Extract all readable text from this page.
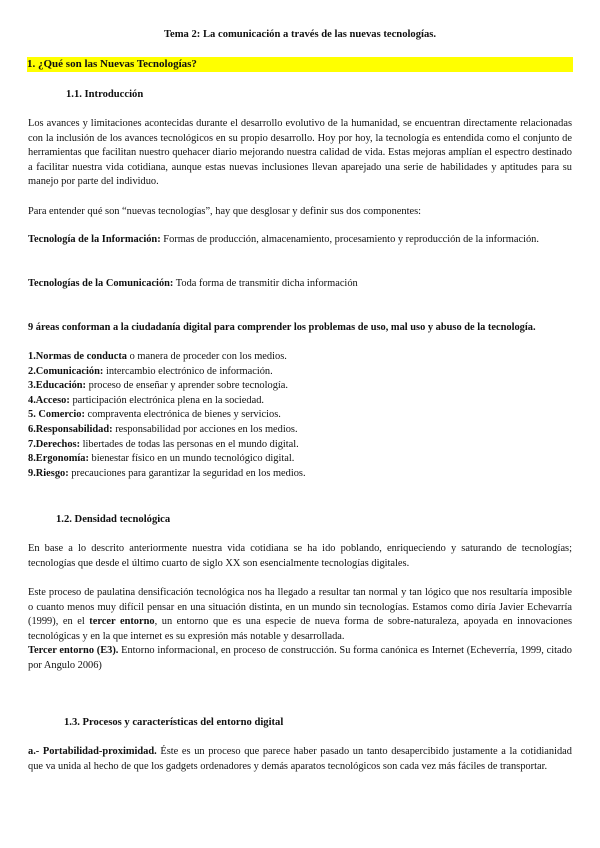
Tema 2: La comunicación a través de las nuevas tecnologías.
1. ¿Qué son las Nuevas Tecnologías?
1.1. Introducción

Los avances y limitaciones acontecidas durante el desarrollo evolutivo de la humanidad, se encuentran directamente relacionadas con la inclusión de los avances tecnológicos en su propio desarrollo. Hoy por hoy, la tecnología es entendida como el conjunto de herramientas que facilitan nuestro quehacer diario mejorando nuestra calidad de vida. Estas mejoras amplían el espectro destinado a facilitar nuestra vida cotidiana, aunque estas nuevas inclusiones llevan aparejado una serie de habilidades y aptitudes para su manejo por parte del individuo.

Para entender qué son “nuevas tecnologías”, hay que desglosar y definir sus dos componentes:

Tecnología de la Información: Formas de producción, almacenamiento, procesamiento y reproducción de la información.

Tecnologías de la Comunicación: Toda forma de transmitir dicha información

9 áreas conforman a la ciudadanía digital para comprender los problemas de uso, mal uso y abuso de la tecnología.

1.Normas de conducta o manera de proceder con los medios.
2.Comunicación: intercambio electrónico de información.
3.Educación: proceso de enseñar y aprender sobre tecnología.
4.Acceso: participación electrónica plena en la sociedad.
5. Comercio: compraventa electrónica de bienes y servicios.
6.Responsabilidad: responsabilidad por acciones en los medios.
7.Derechos: libertades de todas las personas en el mundo digital.
8.Ergonomía: bienestar físico en un mundo tecnológico digital.
9.Riesgo: precauciones para garantizar la seguridad en los medios.
1.2. Densidad tecnológica

En base a lo descrito anteriormente nuestra vida cotidiana se ha ido poblando, enriqueciendo y saturando de tecnologías; tecnologías que desde el último cuarto de siglo XX son esencialmente tecnologías digitales.

Este proceso de paulatina densificación tecnológica nos ha llegado a resultar tan normal y tan lógico que nos resultaría imposible o cuanto menos muy difícil pensar en una situación distinta, en un mundo sin tecnologías. Estamos como diría Javier Echevarría (1999), en el tercer entorno, un entorno que es una especie de nueva forma de sobre-naturaleza, apoyada en innovaciones tecnológicas y en la que internet es su expresión más notable y desarrollada.

Tercer entorno (E3). Entorno informacional, en proceso de construcción. Su forma canónica es Internet (Echeverría, 1999, citado por Angulo 2006)

1.3. Procesos y características del entorno digital

a.- Portabilidad-proximidad. Éste es un proceso que parece haber pasado un tanto desapercibido justamente a la cotidianidad que va unida al hecho de que los gadgets ordenadores y demás aparatos tecnológicos son cada vez más fáciles de transportar.
